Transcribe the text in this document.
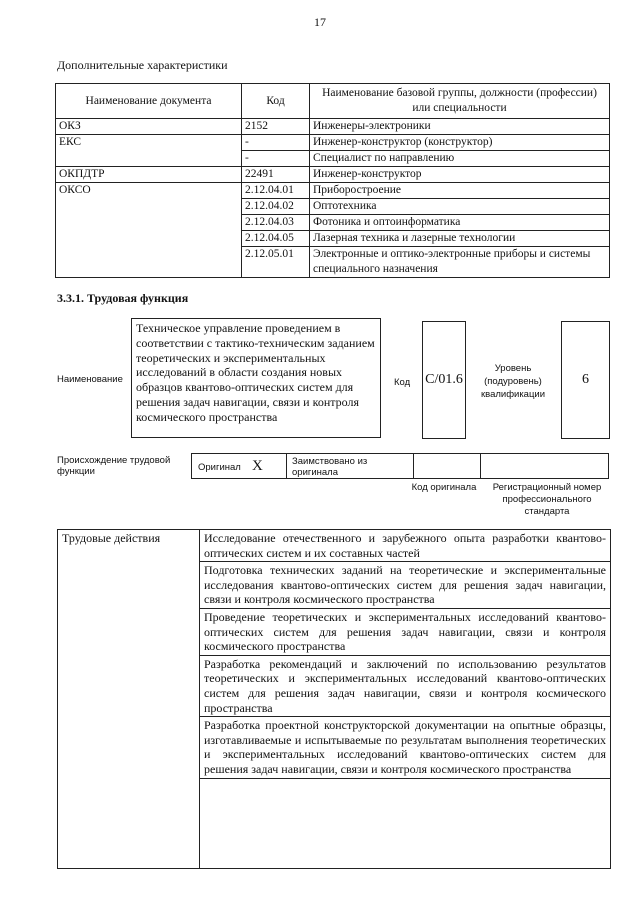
17
Дополнительные характеристики
Наименование документа	Код	Наименование базовой группы, должности (профессии) или специальности
ОКЗ	2152	Инженеры-электроники
ЕКС	-	Инженер-конструктор (конструктор)
	-	Специалист по направлению
ОКПДТР	22491	Инженер-конструктор
ОКСО	2.12.04.01	Приборостроение
	2.12.04.02	Оптотехника
	2.12.04.03	Фотоника и оптоинформатика
	2.12.04.05	Лазерная техника и лазерные технологии
	2.12.05.01	Электронные и оптико-электронные приборы и системы специального назначения
3.3.1. Трудовая функция
Наименование
Техническое управление проведением в соответствии с тактико-техническим заданием теоретических и экспериментальных исследований в области создания новых образцов квантово-оптических систем для решения задач навигации, связи и контроля космического пространства
Код C/01.6
Уровень (подуровень) квалификации
6
Происхождение трудовой функции	Оригинал X	Заимствовано из оригинала
Код оригинала	Регистрационный номер профессионального стандарта
Трудовые действия	Исследование отечественного и зарубежного опыта разработки квантово-оптических систем и их составных частей
Подготовка технических заданий на теоретические и экспериментальные исследования квантово-оптических систем для решения задач навигации, связи и контроля космического пространства
Проведение теоретических и экспериментальных исследований квантово-оптических систем для решения задач навигации, связи и контроля космического пространства
Разработка рекомендаций и заключений по использованию результатов теоретических и экспериментальных исследований квантово-оптических систем для решения задач навигации, связи и контроля космического пространства
Разработка проектной конструкторской документации на опытные образцы, изготавливаемые и испытываемые по результатам выполнения теоретических и экспериментальных исследований квантово-оптических систем для решения задач навигации, связи и контроля космического пространства
